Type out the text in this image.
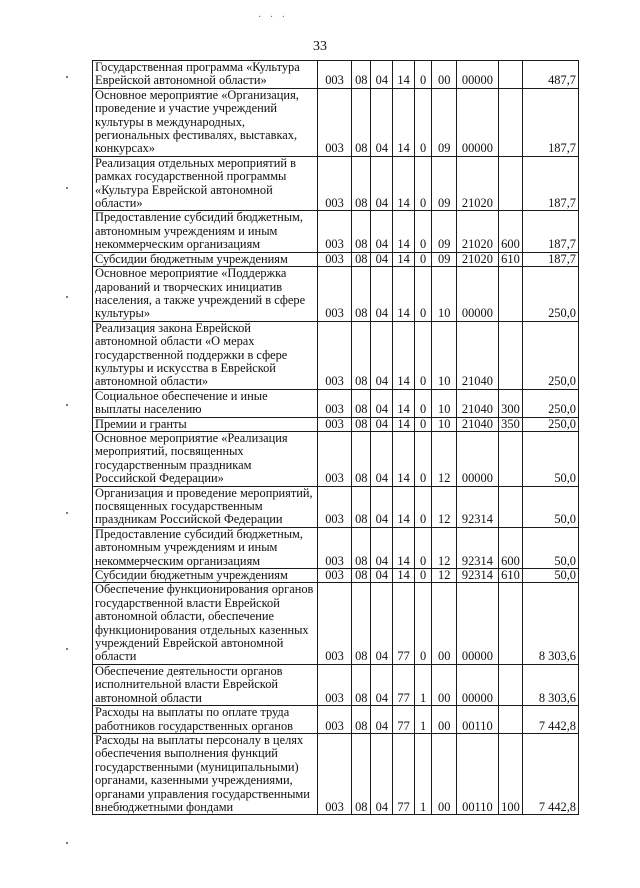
· · ·
33
Государственная программа «Культура Еврейской автономной области»	003	08	04	14	0	00	00000		487,7
Основное мероприятие «Организация, проведение и участие учреждений культуры в международных, региональных фестивалях, выставках, конкурсах»	003	08	04	14	0	09	00000		187,7
Реализация отдельных мероприятий в рамках государственной программы «Культура Еврейской автономной области»	003	08	04	14	0	09	21020		187,7
Предоставление субсидий бюджетным, автономным учреждениям и иным некоммерческим организациям	003	08	04	14	0	09	21020	600	187,7
Субсидии бюджетным учреждениям	003	08	04	14	0	09	21020	610	187,7
Основное мероприятие «Поддержка дарований и творческих инициатив населения, а также учреждений в сфере культуры»	003	08	04	14	0	10	00000		250,0
Реализация закона Еврейской автономной области «О мерах государственной поддержки в сфере культуры и искусства в Еврейской автономной области»	003	08	04	14	0	10	21040		250,0
Социальное обеспечение и иные выплаты населению	003	08	04	14	0	10	21040	300	250,0
Премии и гранты	003	08	04	14	0	10	21040	350	250,0
Основное мероприятие «Реализация мероприятий, посвященных государственным праздникам Российской Федерации»	003	08	04	14	0	12	00000		50,0
Организация и проведение мероприятий, посвященных государственным праздникам Российской Федерации	003	08	04	14	0	12	92314		50,0
Предоставление субсидий бюджетным, автономным учреждениям и иным некоммерческим организациям	003	08	04	14	0	12	92314	600	50,0
Субсидии бюджетным учреждениям	003	08	04	14	0	12	92314	610	50,0
Обеспечение функционирования органов государственной власти Еврейской автономной области, обеспечение функционирования отдельных казенных учреждений Еврейской автономной области	003	08	04	77	0	00	00000		8 303,6
Обеспечение деятельности органов исполнительной власти Еврейской автономной области	003	08	04	77	1	00	00000		8 303,6
Расходы на выплаты по оплате труда работников государственных органов	003	08	04	77	1	00	00110		7 442,8
Расходы на выплаты персоналу в целях обеспечения выполнения функций государственными (муниципальными) органами, казенными учреждениями, органами управления государственными внебюджетными фондами	003	08	04	77	1	00	00110	100	7 442,8
